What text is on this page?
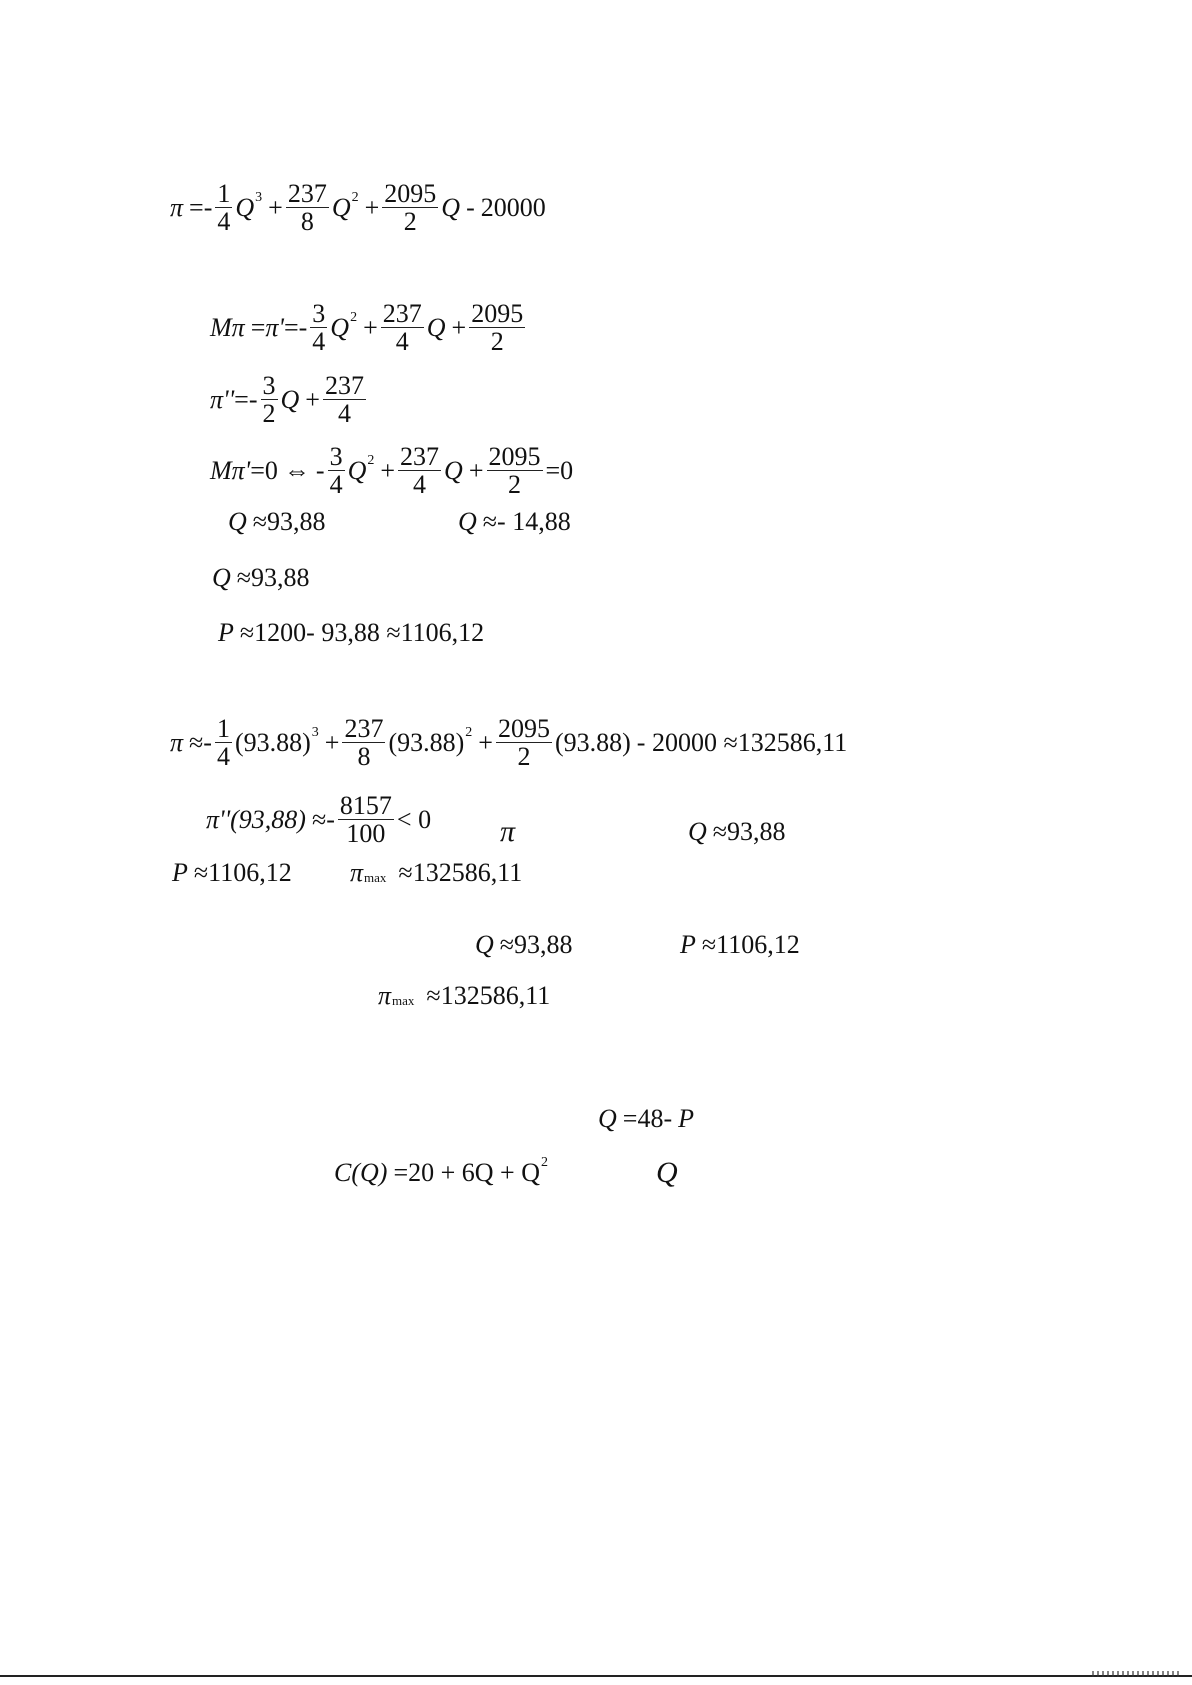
π = - $\frac{1}{4}$ Q $3 + \frac{237}{8}$ Q $2 + \frac{2095}{2}$ Q - 20000
Mπ = π' = - $\frac{3}{4}$ Q $2 + \frac{237}{4}$ $Q + \frac{2095}{2}$
π'' = - $\frac{3}{2}$ $Q + \frac{237}{4}$
Mπ' =0 ⇔ - $\frac{3}{4}$ Q $2 + \frac{237}{4}$ $Q + \frac{2095}{2} =0$
Q ≈93,88	Q ≈- 14,88
Q ≈93,88
P ≈1200- 93,88 ≈1106,12
$\pi \approx- \frac{1}{4} (93.88) 3 + \frac{237}{8} (93.88) 2 + \frac{2095}{2} (93.88) - 20000 \approx 132586,11$
$\pi''(93,88) \approx- \frac{8157}{100} < 0$ π	Q ≈93,88
P ≈1106,12 π max ≈132586,11
Q ≈93,88	P ≈1106,12
π max ≈132586,11
Q =48- P
C(Q) =20 + 6Q + Q 2	Q
